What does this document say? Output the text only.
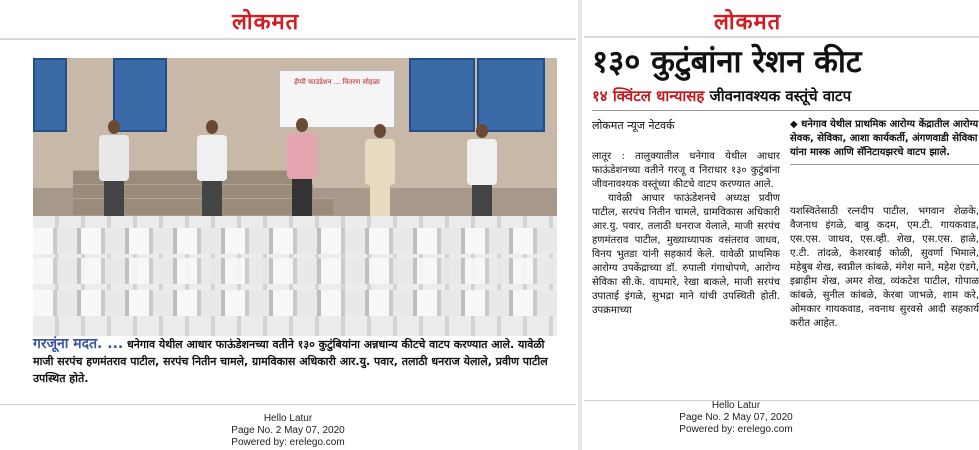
लोकमत
हॅप्पी फाउंडेशन ... वितरण सोहळा
गरजूंना मदत. ... धनेगाव येथील आधार फाऊंडेशनच्या वतीने १३० कुटुंबियांना अन्नधान्य कीटचे वाटप करण्यात आले. यावेळी माजी सरपंच हणमंतराव पाटील, सरपंच नितीन चामले, ग्रामविकास अधिकारी आर.यु. पवार, तलाठी धनराज येलाले, प्रवीण पाटील उपस्थित होते.
Hello Latur
Page No. 2 May 07, 2020
Powered by: erelego.com
लोकमत
१३० कुटुंबांना रेशन कीट
१४ क्विंटल धान्यासह जीवनावश्यक वस्तूंचे वाटप
लोकमत न्यूज नेटवर्क

लातूर : तालुक्यातील धनेगाव येथील आधार फाऊंडेशनच्या वतीने गरजू व निराधार १३० कुटुंबांना जीवनावश्यक वस्तूंच्या कीटचे वाटप करण्यात आले.

यावेळी आधार फाऊंडेशनचे अध्यक्ष प्रवीण पाटील, सरपंच नितीन चामले, ग्रामविकास अधिकारी आर.यु. पवार, तलाठी धनराज येलाले, माजी सरपंच हणमंतराव पाटील, मुख्याध्यापक वसंतराव जाधव, विनय भुतडा यांनी सहकार्य केले. यावेळी प्राथमिक आरोग्य उपकेंद्राच्या डॉ. रुपाली गंगाधोपणे, आरोग्य सेविका सी.के. वाघमारे, रेखा बाकले, माजी सरपंच उपाताई इंगळे, सुभद्रा माने यांची उपस्थिती होती. उपक्रमाच्या

◆ धनेगाव येथील प्राथमिक आरोग्य केंद्रातील आरोग्य सेवक, सेविका, आशा कार्यकर्ती, अंगणवाडी सेविका यांना मास्क आणि सॅनिटायझरचे वाटप झाले.
यशस्वितेसाठी रत्नदीप पाटील, भगवान शेळके, वैजनाथ इंगळे, बाबु कदम, एम.टी. गायकवाड, एस.एस. जाधव, एस.व्ही. शेख, एस.एस. हाळे, ए.टी. तांदळे, केशरबाई कोळी, सुवर्णा भिमाले, महेबुब शेख, स्वप्नील कांबळे, मंगेश माने, महेश एंडगे, इब्राहीम शेख, अमर शेख, व्यंकटेश पाटील, गोपाळ कांबळे, सुनील कांबळे, केरबा जाभळे, शाम करे, ओमकार गायकवाड, नवनाथ सुरवसे आदी सहकार्य करीत आहेत.
Hello Latur
Page No. 2 May 07, 2020
Powered by: erelego.com
